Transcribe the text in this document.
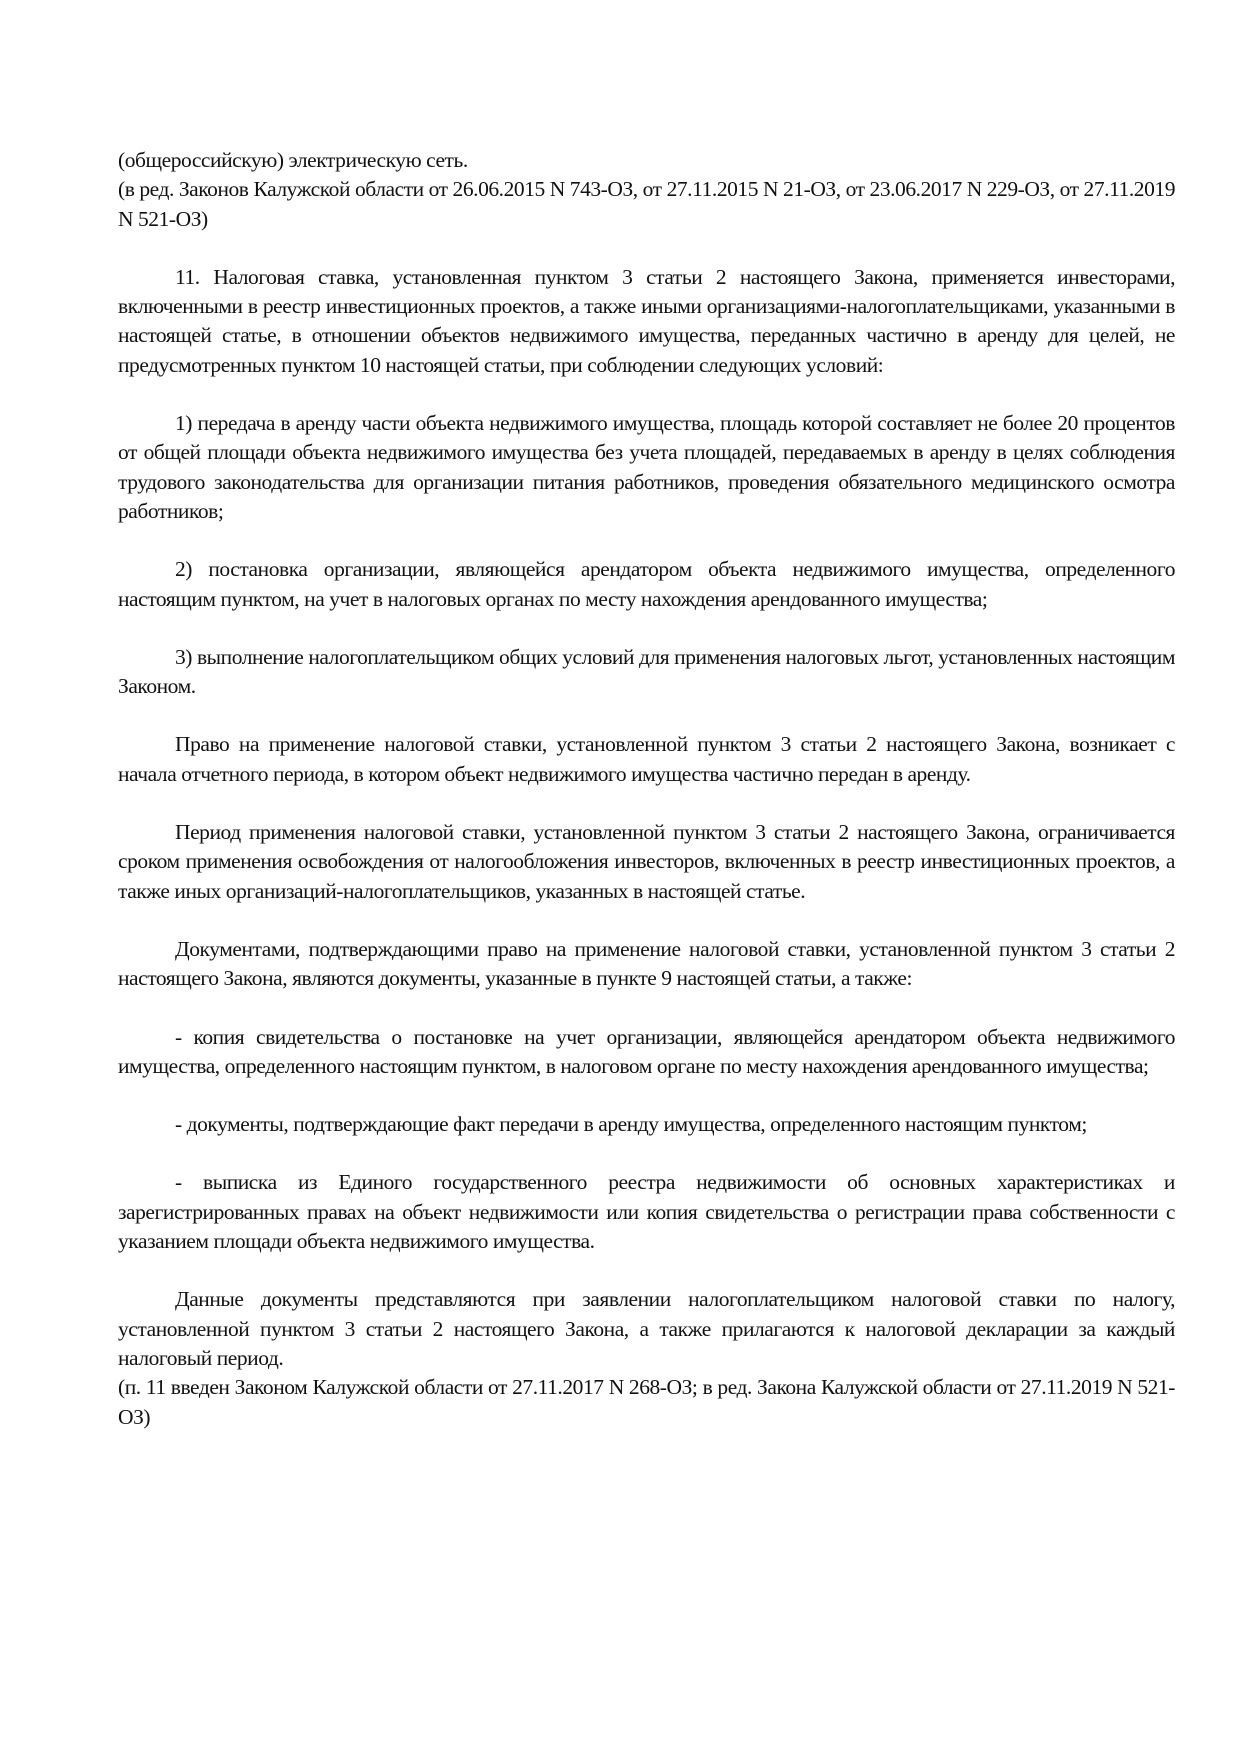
(общероссийскую) электрическую сеть.

(в ред. Законов Калужской области от 26.06.2015 N 743-ОЗ, от 27.11.2015 N 21-ОЗ, от 23.06.2017 N 229-ОЗ, от 27.11.2019 N 521-ОЗ)

11. Налоговая ставка, установленная пунктом 3 статьи 2 настоящего Закона, применяется инвесторами, включенными в реестр инвестиционных проектов, а также иными организациями-налогоплательщиками, указанными в настоящей статье, в отношении объектов недвижимого имущества, переданных частично в аренду для целей, не предусмотренных пунктом 10 настоящей статьи, при соблюдении следующих условий:

1) передача в аренду части объекта недвижимого имущества, площадь которой составляет не более 20 процентов от общей площади объекта недвижимого имущества без учета площадей, передаваемых в аренду в целях соблюдения трудового законодательства для организации питания работников, проведения обязательного медицинского осмотра работников;

2) постановка организации, являющейся арендатором объекта недвижимого имущества, определенного настоящим пунктом, на учет в налоговых органах по месту нахождения арендованного имущества;

3) выполнение налогоплательщиком общих условий для применения налоговых льгот, установленных настоящим Законом.

Право на применение налоговой ставки, установленной пунктом 3 статьи 2 настоящего Закона, возникает с начала отчетного периода, в котором объект недвижимого имущества частично передан в аренду.

Период применения налоговой ставки, установленной пунктом 3 статьи 2 настоящего Закона, ограничивается сроком применения освобождения от налогообложения инвесторов, включенных в реестр инвестиционных проектов, а также иных организаций-налогоплательщиков, указанных в настоящей статье.

Документами, подтверждающими право на применение налоговой ставки, установленной пунктом 3 статьи 2 настоящего Закона, являются документы, указанные в пункте 9 настоящей статьи, а также:

- копия свидетельства о постановке на учет организации, являющейся арендатором объекта недвижимого имущества, определенного настоящим пунктом, в налоговом органе по месту нахождения арендованного имущества;

- документы, подтверждающие факт передачи в аренду имущества, определенного настоящим пунктом;

- выписка из Единого государственного реестра недвижимости об основных характеристиках и зарегистрированных правах на объект недвижимости или копия свидетельства о регистрации права собственности с указанием площади объекта недвижимого имущества.

Данные документы представляются при заявлении налогоплательщиком налоговой ставки по налогу, установленной пунктом 3 статьи 2 настоящего Закона, а также прилагаются к налоговой декларации за каждый налоговый период.

(п. 11 введен Законом Калужской области от 27.11.2017 N 268-ОЗ; в ред. Закона Калужской области от 27.11.2019 N 521-ОЗ)
